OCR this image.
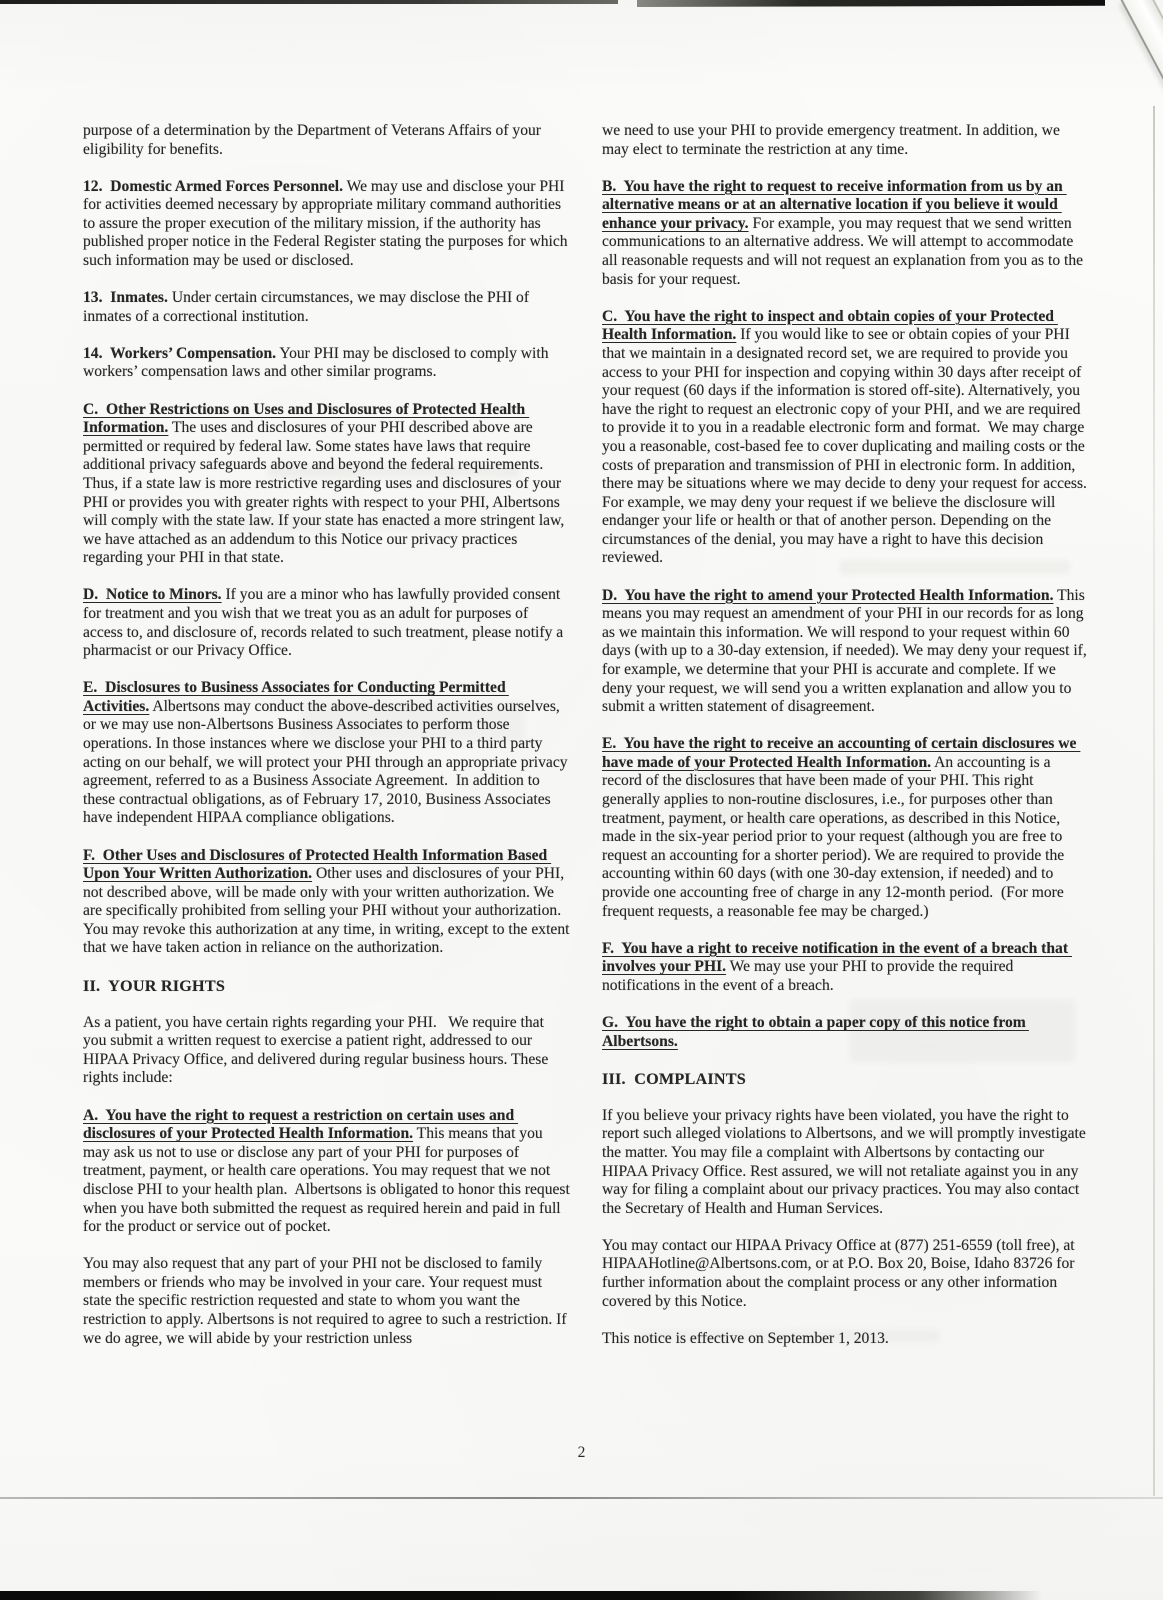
purpose of a determination by the Department of Veterans Affairs of your eligibility for benefits.

12.  Domestic Armed Forces Personnel. We may use and disclose your PHI for activities deemed necessary by appropriate military command authorities to assure the proper execution of the military mission, if the authority has published proper notice in the Federal Register stating the purposes for which such information may be used or disclosed.

13.  Inmates. Under certain circumstances, we may disclose the PHI of inmates of a correctional institution.

14.  Workers’ Compensation. Your PHI may be disclosed to comply with workers’ compensation laws and other similar programs.

C.  Other Restrictions on Uses and Disclosures of Protected Health Information. The uses and disclosures of your PHI described above are permitted or required by federal law. Some states have laws that require additional privacy safeguards above and beyond the federal requirements. Thus, if a state law is more restrictive regarding uses and disclosures of your PHI or provides you with greater rights with respect to your PHI, Albertsons will comply with the state law. If your state has enacted a more stringent law, we have attached as an addendum to this Notice our privacy practices regarding your PHI in that state.

D.  Notice to Minors. If you are a minor who has lawfully provided consent for treatment and you wish that we treat you as an adult for purposes of access to, and disclosure of, records related to such treatment, please notify a pharmacist or our Privacy Office.

E.  Disclosures to Business Associates for Conducting Permitted Activities. Albertsons may conduct the above-described activities ourselves, or we may use non-Albertsons Business Associates to perform those operations. In those instances where we disclose your PHI to a third party acting on our behalf, we will protect your PHI through an appropriate privacy agreement, referred to as a Business Associate Agreement.  In addition to these contractual obligations, as of February 17, 2010, Business Associates have independent HIPAA compliance obligations.

F.  Other Uses and Disclosures of Protected Health Information Based Upon Your Written Authorization. Other uses and disclosures of your PHI, not described above, will be made only with your written authorization. We are specifically prohibited from selling your PHI without your authorization.  You may revoke this authorization at any time, in writing, except to the extent that we have taken action in reliance on the authorization.

II.  YOUR RIGHTS

As a patient, you have certain rights regarding your PHI.   We require that you submit a written request to exercise a patient right, addressed to our HIPAA Privacy Office, and delivered during regular business hours. These rights include:

A.  You have the right to request a restriction on certain uses and disclosures of your Protected Health Information. This means that you may ask us not to use or disclose any part of your PHI for purposes of treatment, payment, or health care operations. You may request that we not disclose PHI to your health plan.  Albertsons is obligated to honor this request when you have both submitted the request as required herein and paid in full for the product or service out of pocket.

You may also request that any part of your PHI not be disclosed to family members or friends who may be involved in your care. Your request must state the specific restriction requested and state to whom you want the restriction to apply. Albertsons is not required to agree to such a restriction. If we do agree, we will abide by your restriction unless

we need to use your PHI to provide emergency treatment. In addition, we may elect to terminate the restriction at any time.

B.  You have the right to request to receive information from us by an alternative means or at an alternative location if you believe it would enhance your privacy. For example, you may request that we send written communications to an alternative address. We will attempt to accommodate all reasonable requests and will not request an explanation from you as to the basis for your request.

C.  You have the right to inspect and obtain copies of your Protected Health Information. If you would like to see or obtain copies of your PHI that we maintain in a designated record set, we are required to provide you access to your PHI for inspection and copying within 30 days after receipt of your request (60 days if the information is stored off-site). Alternatively, you have the right to request an electronic copy of your PHI, and we are required to provide it to you in a readable electronic form and format.  We may charge you a reasonable, cost-based fee to cover duplicating and mailing costs or the costs of preparation and transmission of PHI in electronic form. In addition, there may be situations where we may decide to deny your request for access. For example, we may deny your request if we believe the disclosure will endanger your life or health or that of another person. Depending on the circumstances of the denial, you may have a right to have this decision reviewed.

D.  You have the right to amend your Protected Health Information. This means you may request an amendment of your PHI in our records for as long as we maintain this information. We will respond to your request within 60 days (with up to a 30-day extension, if needed). We may deny your request if, for example, we determine that your PHI is accurate and complete. If we deny your request, we will send you a written explanation and allow you to submit a written statement of disagreement.

E.  You have the right to receive an accounting of certain disclosures we have made of your Protected Health Information. An accounting is a record of the disclosures that have been made of your PHI. This right generally applies to non-routine disclosures, i.e., for purposes other than treatment, payment, or health care operations, as described in this Notice, made in the six-year period prior to your request (although you are free to request an accounting for a shorter period). We are required to provide the accounting within 60 days (with one 30-day extension, if needed) and to provide one accounting free of charge in any 12-month period.  (For more frequent requests, a reasonable fee may be charged.)

F.  You have a right to receive notification in the event of a breach that involves your PHI. We may use your PHI to provide the required notifications in the event of a breach.

G.  You have the right to obtain a paper copy of this notice from Albertsons.

III.  COMPLAINTS

If you believe your privacy rights have been violated, you have the right to report such alleged violations to Albertsons, and we will promptly investigate the matter. You may file a complaint with Albertsons by contacting our HIPAA Privacy Office. Rest assured, we will not retaliate against you in any way for filing a complaint about our privacy practices. You may also contact the Secretary of Health and Human Services.

You may contact our HIPAA Privacy Office at (877) 251-6559 (toll free), at HIPAAHotline@Albertsons.com, or at P.O. Box 20, Boise, Idaho 83726 for further information about the complaint process or any other information covered by this Notice.

This notice is effective on September 1, 2013.

2
